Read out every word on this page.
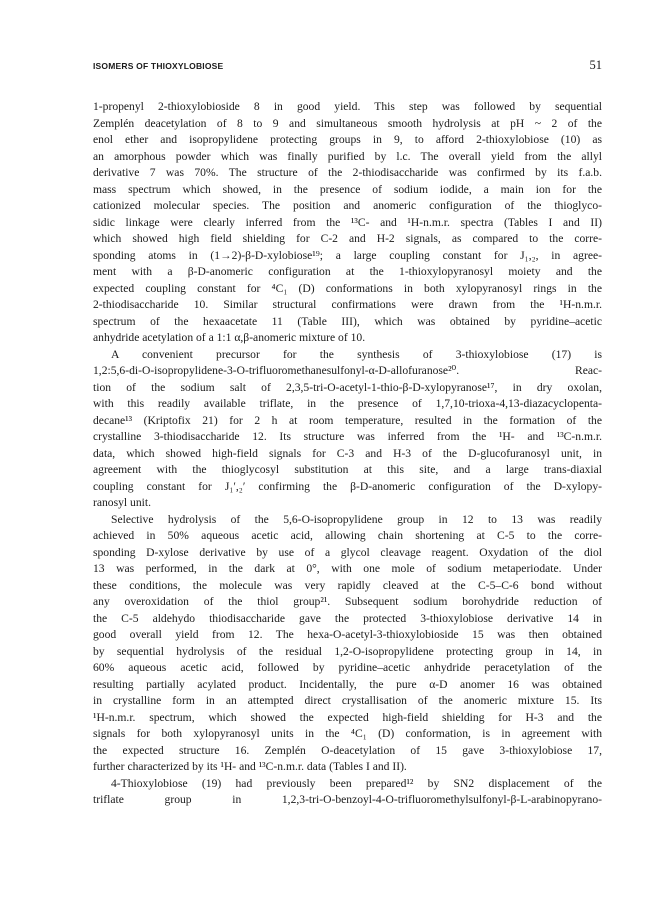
ISOMERS OF THIOXYLOBIOSE	51
1-propenyl 2-thioxylobioside 8 in good yield. This step was followed by sequential
Zemplén deacetylation of 8 to 9 and simultaneous smooth hydrolysis at pH ~ 2 of the
enol ether and isopropylidene protecting groups in 9, to afford 2-thioxylobiose (10) as
an amorphous powder which was finally purified by l.c. The overall yield from the allyl
derivative 7 was 70%. The structure of the 2-thiodisaccharide was confirmed by its f.a.b.
mass spectrum which showed, in the presence of sodium iodide, a main ion for the
cationized molecular species. The position and anomeric configuration of the thioglyco-
sidic linkage were clearly inferred from the ¹³C- and ¹H-n.m.r. spectra (Tables I and II)
which showed high field shielding for C-2 and H-2 signals, as compared to the corre-
sponding atoms in (1→2)-β-D-xylobiose¹⁹; a large coupling constant for J₁,₂, in agree-
ment with a β-D-anomeric configuration at the 1-thioxylopyranosyl moiety and the
expected coupling constant for ⁴C₁ (D) conformations in both xylopyranosyl rings in the
2-thiodisaccharide 10. Similar structural confirmations were drawn from the ¹H-n.m.r.
spectrum of the hexaacetate 11 (Table III), which was obtained by pyridine–acetic
anhydride acetylation of a 1:1 α,β-anomeric mixture of 10.
A convenient precursor for the synthesis of 3-thioxylobiose (17) is
1,2:5,6-di-O-isopropylidene-3-O-trifluoromethanesulfonyl-α-D-allofuranose²⁰. Reac-
tion of the sodium salt of 2,3,5-tri-O-acetyl-1-thio-β-D-xylopyranose¹⁷, in dry oxolan,
with this readily available triflate, in the presence of 1,7,10-trioxa-4,13-diazacyclopenta-
decane¹³ (Kriptofix 21) for 2 h at room temperature, resulted in the formation of the
crystalline 3-thiodisaccharide 12. Its structure was inferred from the ¹H- and ¹³C-n.m.r.
data, which showed high-field signals for C-3 and H-3 of the D-glucofuranosyl unit, in
agreement with the thioglycosyl substitution at this site, and a large trans-diaxial
coupling constant for J₁′,₂′ confirming the β-D-anomeric configuration of the D-xylopy-
ranosyl unit.
Selective hydrolysis of the 5,6-O-isopropylidene group in 12 to 13 was readily
achieved in 50% aqueous acetic acid, allowing chain shortening at C-5 to the corre-
sponding D-xylose derivative by use of a glycol cleavage reagent. Oxydation of the diol
13 was performed, in the dark at 0°, with one mole of sodium metaperiodate. Under
these conditions, the molecule was very rapidly cleaved at the C-5–C-6 bond without
any overoxidation of the thiol group²¹. Subsequent sodium borohydride reduction of
the C-5 aldehydo thiodisaccharide gave the protected 3-thioxylobiose derivative 14 in
good overall yield from 12. The hexa-O-acetyl-3-thioxylobioside 15 was then obtained
by sequential hydrolysis of the residual 1,2-O-isopropylidene protecting group in 14, in
60% aqueous acetic acid, followed by pyridine–acetic anhydride peracetylation of the
resulting partially acylated product. Incidentally, the pure α-D anomer 16 was obtained
in crystalline form in an attempted direct crystallisation of the anomeric mixture 15. Its
¹H-n.m.r. spectrum, which showed the expected high-field shielding for H-3 and the
signals for both xylopyranosyl units in the ⁴C₁ (D) conformation, is in agreement with
the expected structure 16. Zemplén O-deacetylation of 15 gave 3-thioxylobiose 17,
further characterized by its ¹H- and ¹³C-n.m.r. data (Tables I and II).
4-Thioxylobiose (19) had previously been prepared¹² by SN2 displacement of the
triflate group in 1,2,3-tri-O-benzoyl-4-O-trifluoromethylsulfonyl-β-L-arabinopyrano-
